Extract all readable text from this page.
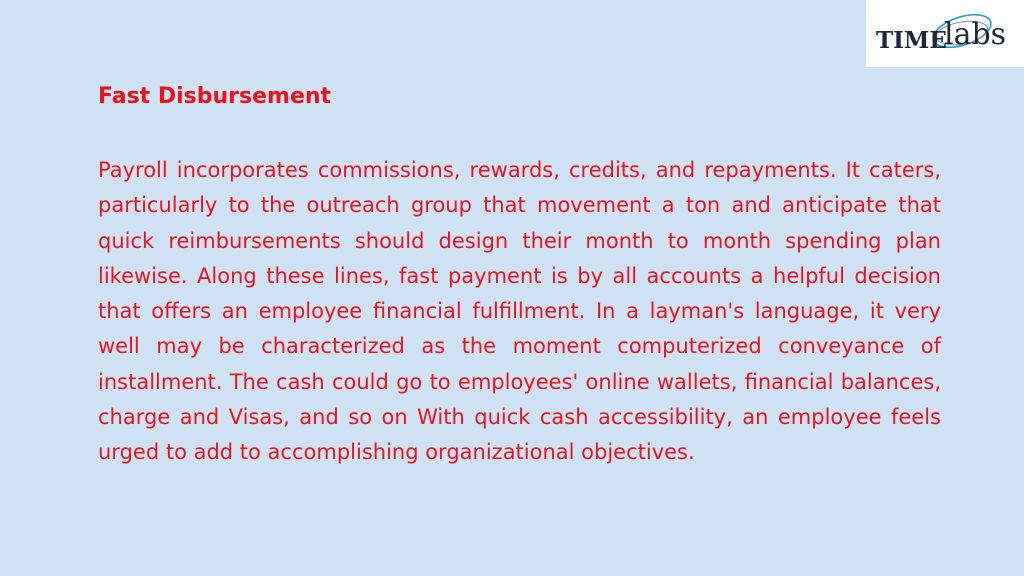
TIME
labs
Fast Disbursement

Payroll incorporates commissions, rewards, credits, and repayments. It caters, particularly to the outreach group that movement a ton and anticipate that quick reimbursements should design their month to month spending plan likewise. Along these lines, fast payment is by all accounts a helpful decision that offers an employee financial fulfillment. In a layman's language, it very well may be characterized as the moment computerized conveyance of installment. The cash could go to employees' online wallets, financial balances, charge and Visas, and so on With quick cash accessibility, an employee feels urged to add to accomplishing organizational objectives.
